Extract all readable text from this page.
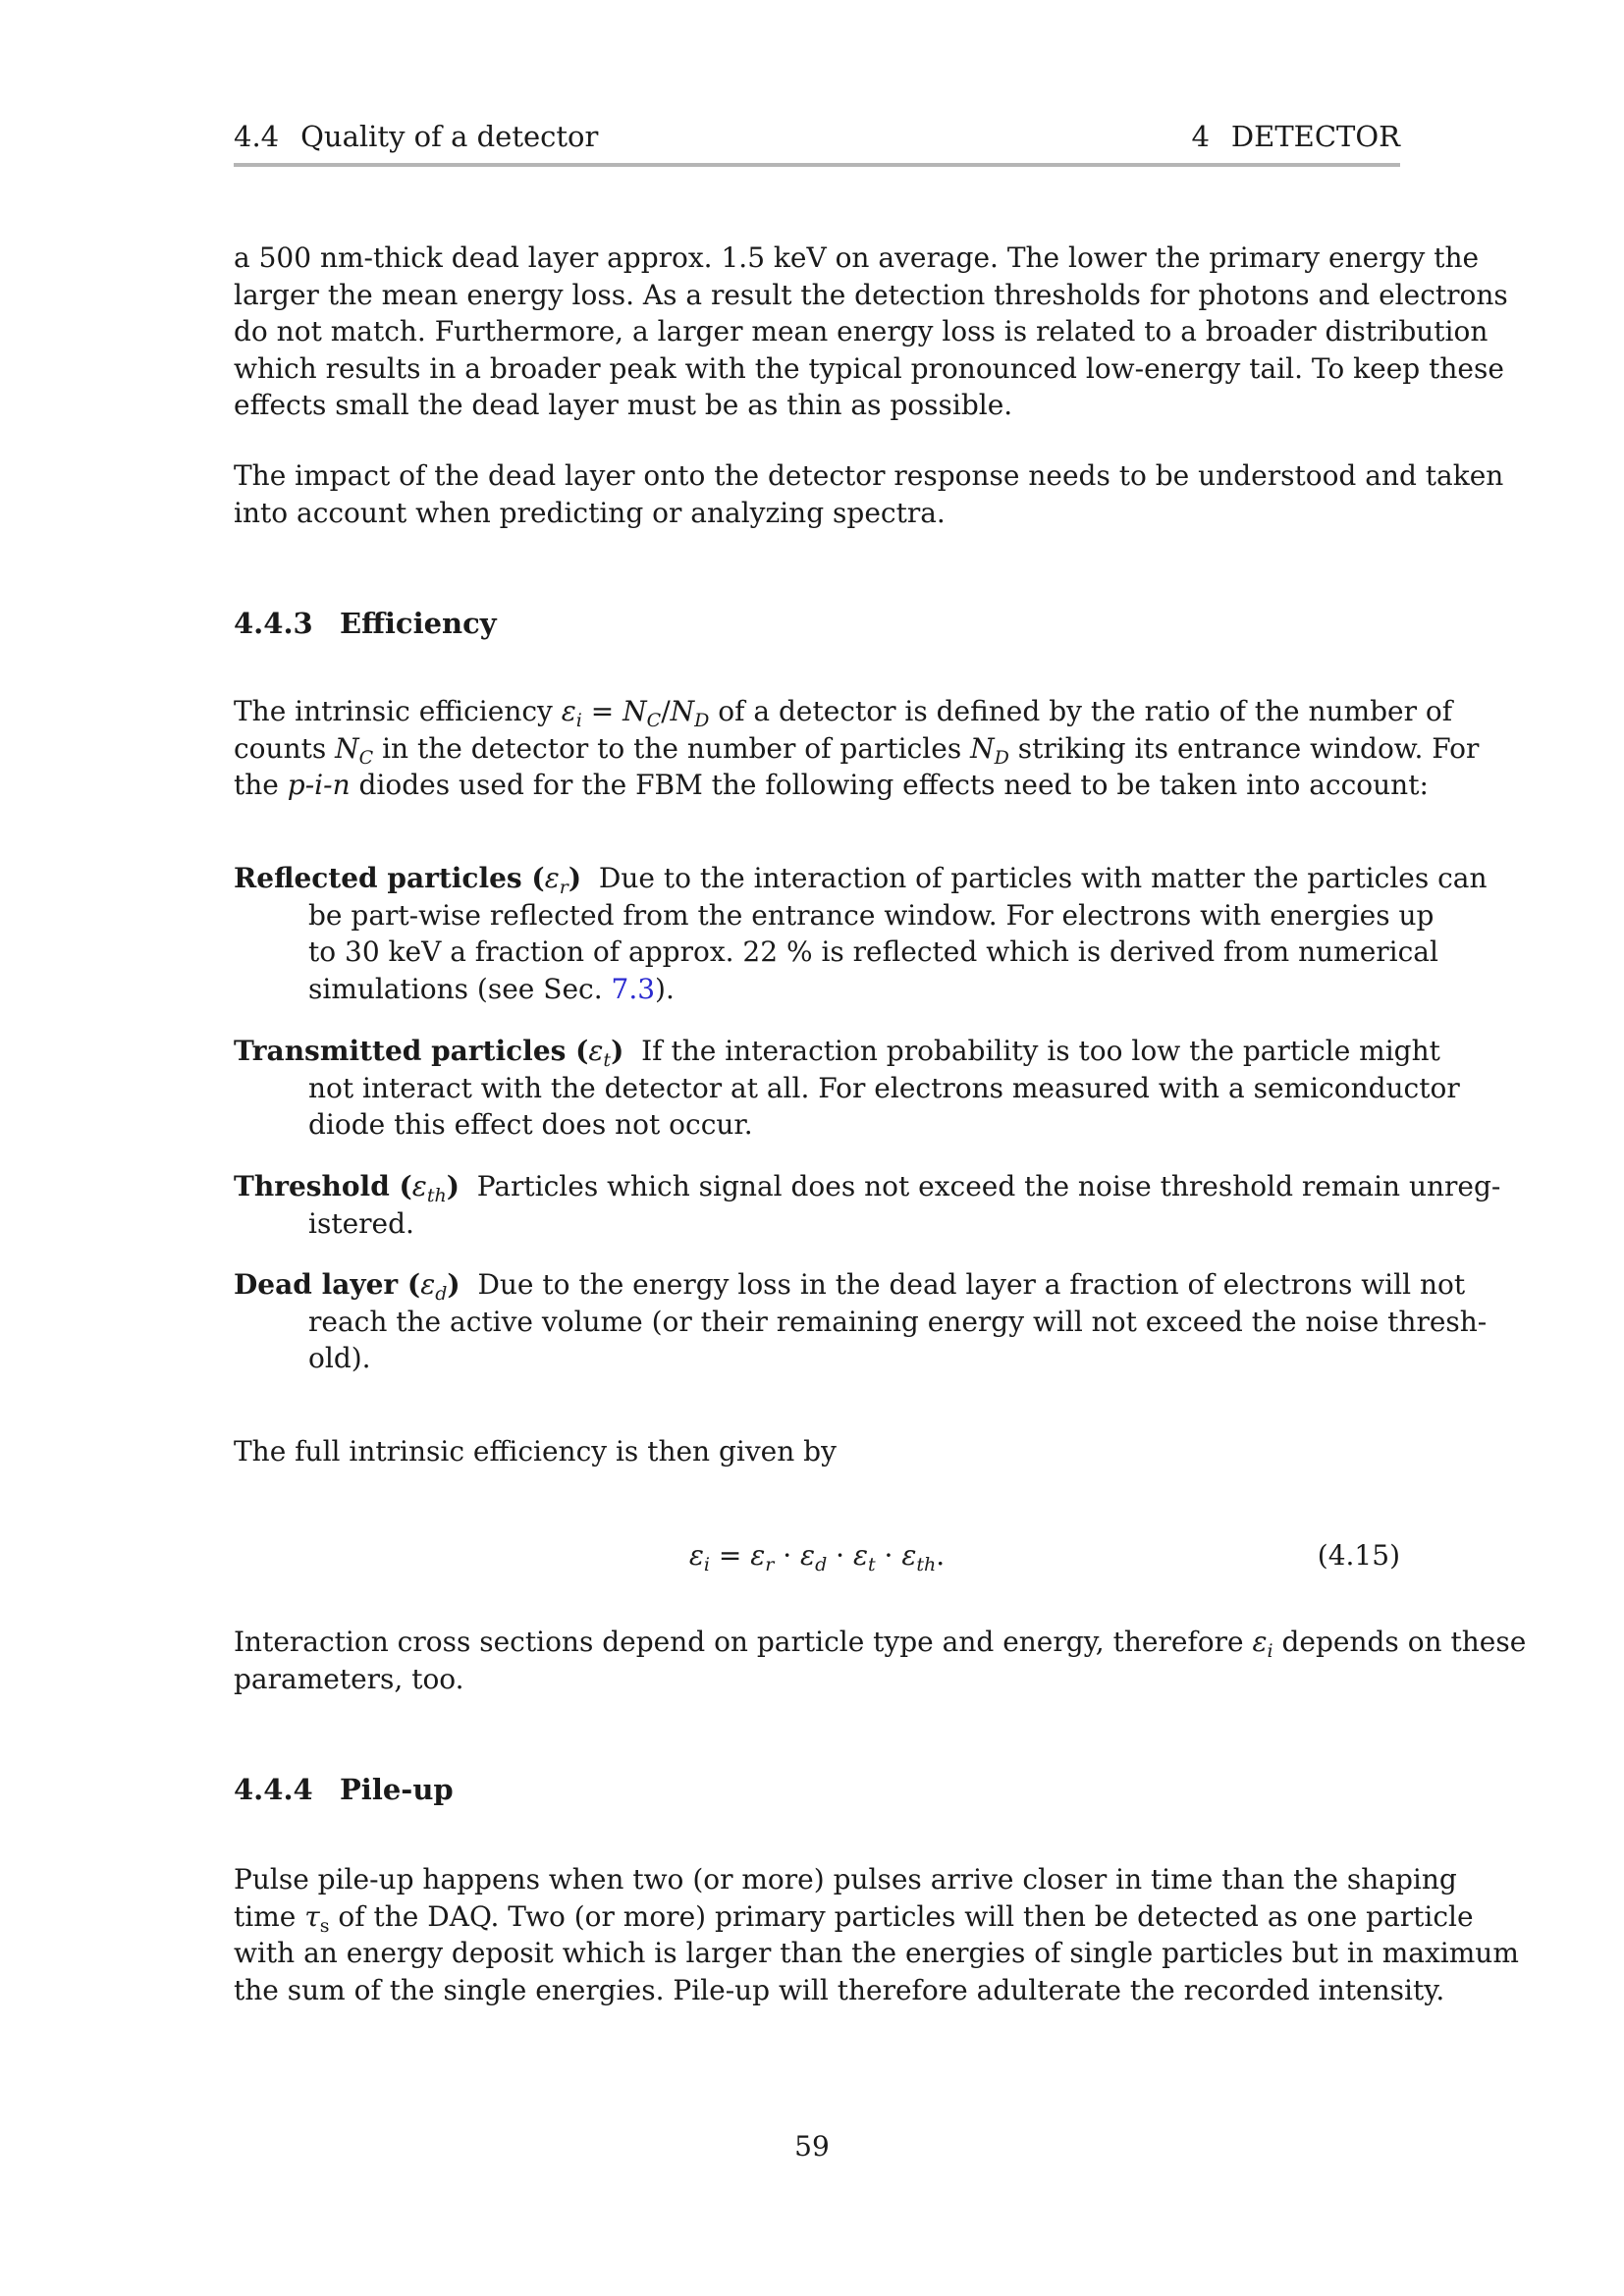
4.4 Quality of a detector	4 DETECTOR
a 500 nm-thick dead layer approx. 1.5 keV on average. The lower the primary energy the
larger the mean energy loss. As a result the detection thresholds for photons and electrons
do not match. Furthermore, a larger mean energy loss is related to a broader distribution
which results in a broader peak with the typical pronounced low-energy tail. To keep these
effects small the dead layer must be as thin as possible.
The impact of the dead layer onto the detector response needs to be understood and taken
into account when predicting or analyzing spectra.
4.4.3 Efficiency
The intrinsic efficiency $\varepsilon_i = N_C/N_D$ of a detector is defined by the ratio of the number of
counts $N_C$ in the detector to the number of particles $N_D$ striking its entrance window. For
the p-i-n diodes used for the FBM the following effects need to be taken into account:
Reflected particles $(\varepsilon_r)$ Due to the interaction of particles with matter the particles can
be part-wise reflected from the entrance window. For electrons with energies up
to 30 keV a fraction of approx. 22 % is reflected which is derived from numerical
simulations (see Sec. 7.3).
Transmitted particles $(\varepsilon_t)$ If the interaction probability is too low the particle might
not interact with the detector at all. For electrons measured with a semiconductor
diode this effect does not occur.
Threshold $(\varepsilon_{th})$ Particles which signal does not exceed the noise threshold remain unreg-
istered.
Dead layer $(\varepsilon_d)$ Due to the energy loss in the dead layer a fraction of electrons will not
reach the active volume (or their remaining energy will not exceed the noise thresh-
old).
The full intrinsic efficiency is then given by
$\varepsilon_i = \varepsilon_r \cdot \varepsilon_d \cdot \varepsilon_t \cdot \varepsilon_{th}$.	(4.15)
Interaction cross sections depend on particle type and energy, therefore $\varepsilon_i$ depends on these
parameters, too.
4.4.4 Pile-up
Pulse pile-up happens when two (or more) pulses arrive closer in time than the shaping
time $\tau_s$ of the DAQ. Two (or more) primary particles will then be detected as one particle
with an energy deposit which is larger than the energies of single particles but in maximum
the sum of the single energies. Pile-up will therefore adulterate the recorded intensity.
59
